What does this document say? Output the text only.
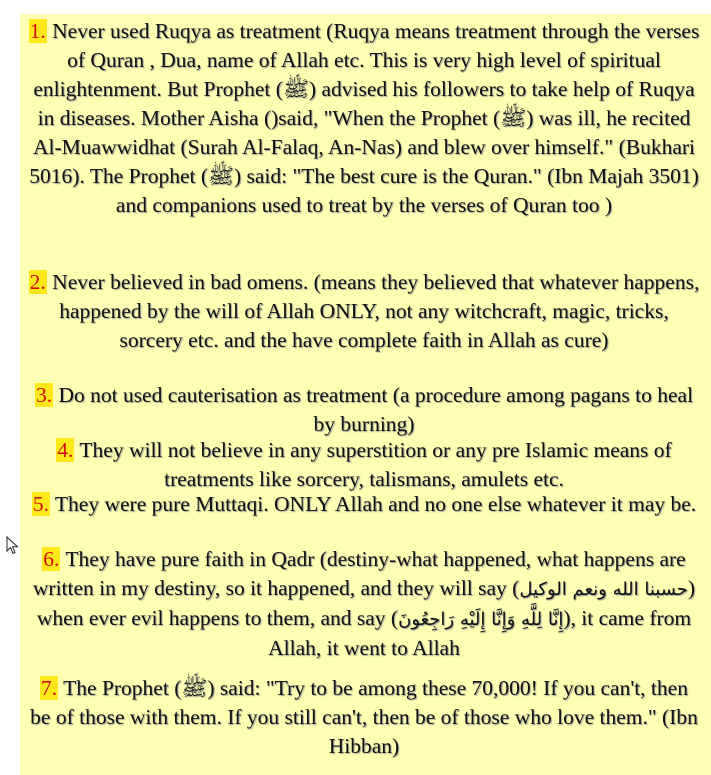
1. Never used Ruqya as treatment (Ruqya means treatment through the verses of Quran , Dua, name of Allah etc. This is very high level of spiritual enlightenment. But Prophet (ﷺ) advised his followers to take help of Ruqya in diseases. Mother Aisha ()said, "When the Prophet (ﷺ) was ill, he recited Al-Muawwidhat (Surah Al-Falaq, An-Nas) and blew over himself." (Bukhari 5016). The Prophet (ﷺ) said: "The best cure is the Quran." (Ibn Majah 3501) and companions used to treat by the verses of Quran too )
2. Never believed in bad omens. (means they believed that whatever happens, happened by the will of Allah ONLY, not any witchcraft, magic, tricks, sorcery etc. and the have complete faith in Allah as cure)
3. Do not used cauterisation as treatment (a procedure among pagans to heal by burning)
4. They will not believe in any superstition or any pre Islamic means of treatments like sorcery, talismans, amulets etc.
5. They were pure Muttaqi. ONLY Allah and no one else whatever it may be.
6. They have pure faith in Qadr (destiny-what happened, what happens are written in my destiny, so it happened, and they will say (حسبنا الله ونعم الوكيل) when ever evil happens to them, and say (إِنَّا لِلَّهِ وَإِنَّا إِلَيْهِ رَاجِعُونَ), it came from Allah, it went to Allah
7. The Prophet (ﷺ) said: "Try to be among these 70,000! If you can't, then be of those with them. If you still can't, then be of those who love them." (Ibn Hibban)
